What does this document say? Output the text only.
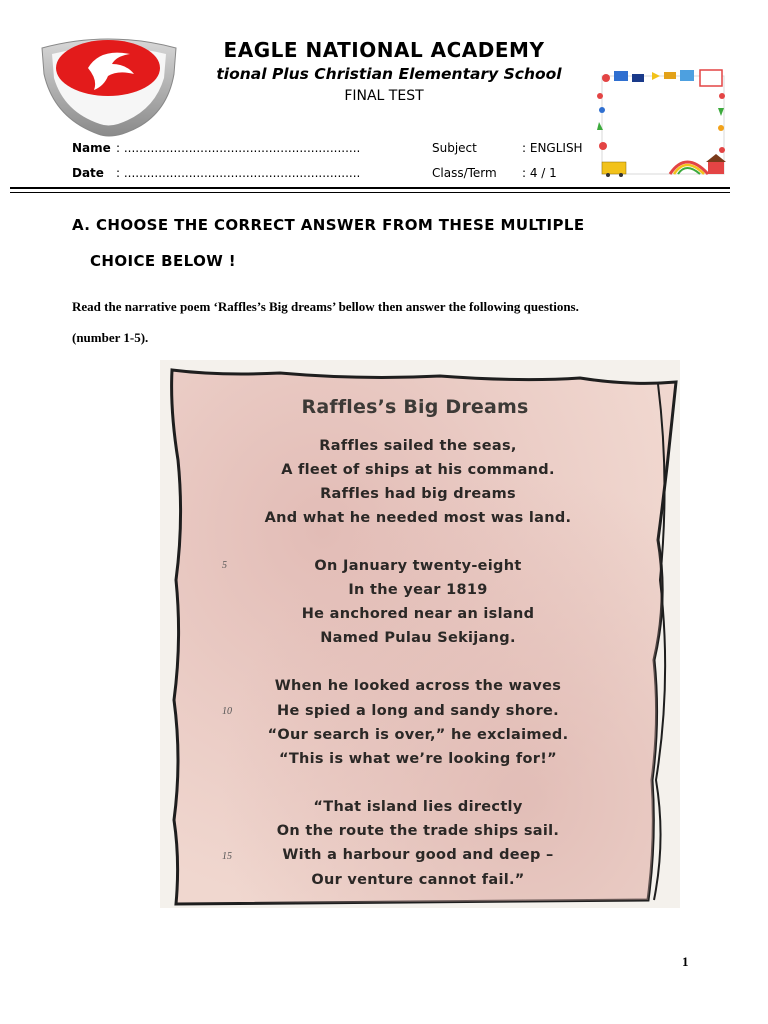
EAGLE NATIONAL ACADEMY
tional Plus Christian Elementary School
FINAL TEST
Name : ..............................................................
Date : ..............................................................
Subject	: ENGLISH
Class/Term : 4 / 1
A. CHOOSE THE CORRECT ANSWER FROM THESE MULTIPLE
CHOICE BELOW !
Read the narrative poem ‘Raffles’s Big dreams’ bellow then answer the following questions.
(number 1-5).
Raffles’s Big Dreams
Raffles sailed the seas,
A fleet of ships at his command.
Raffles had big dreams
And what he needed most was land.
On January twenty-eight
In the year 1819
He anchored near an island
Named Pulau Sekijang.
When he looked across the waves
He spied a long and sandy shore.
“Our search is over,” he exclaimed.
“This is what we’re looking for!”
“That island lies directly
On the route the trade ships sail.
With a harbour good and deep –
Our venture cannot fail.”
5
10
15
1
